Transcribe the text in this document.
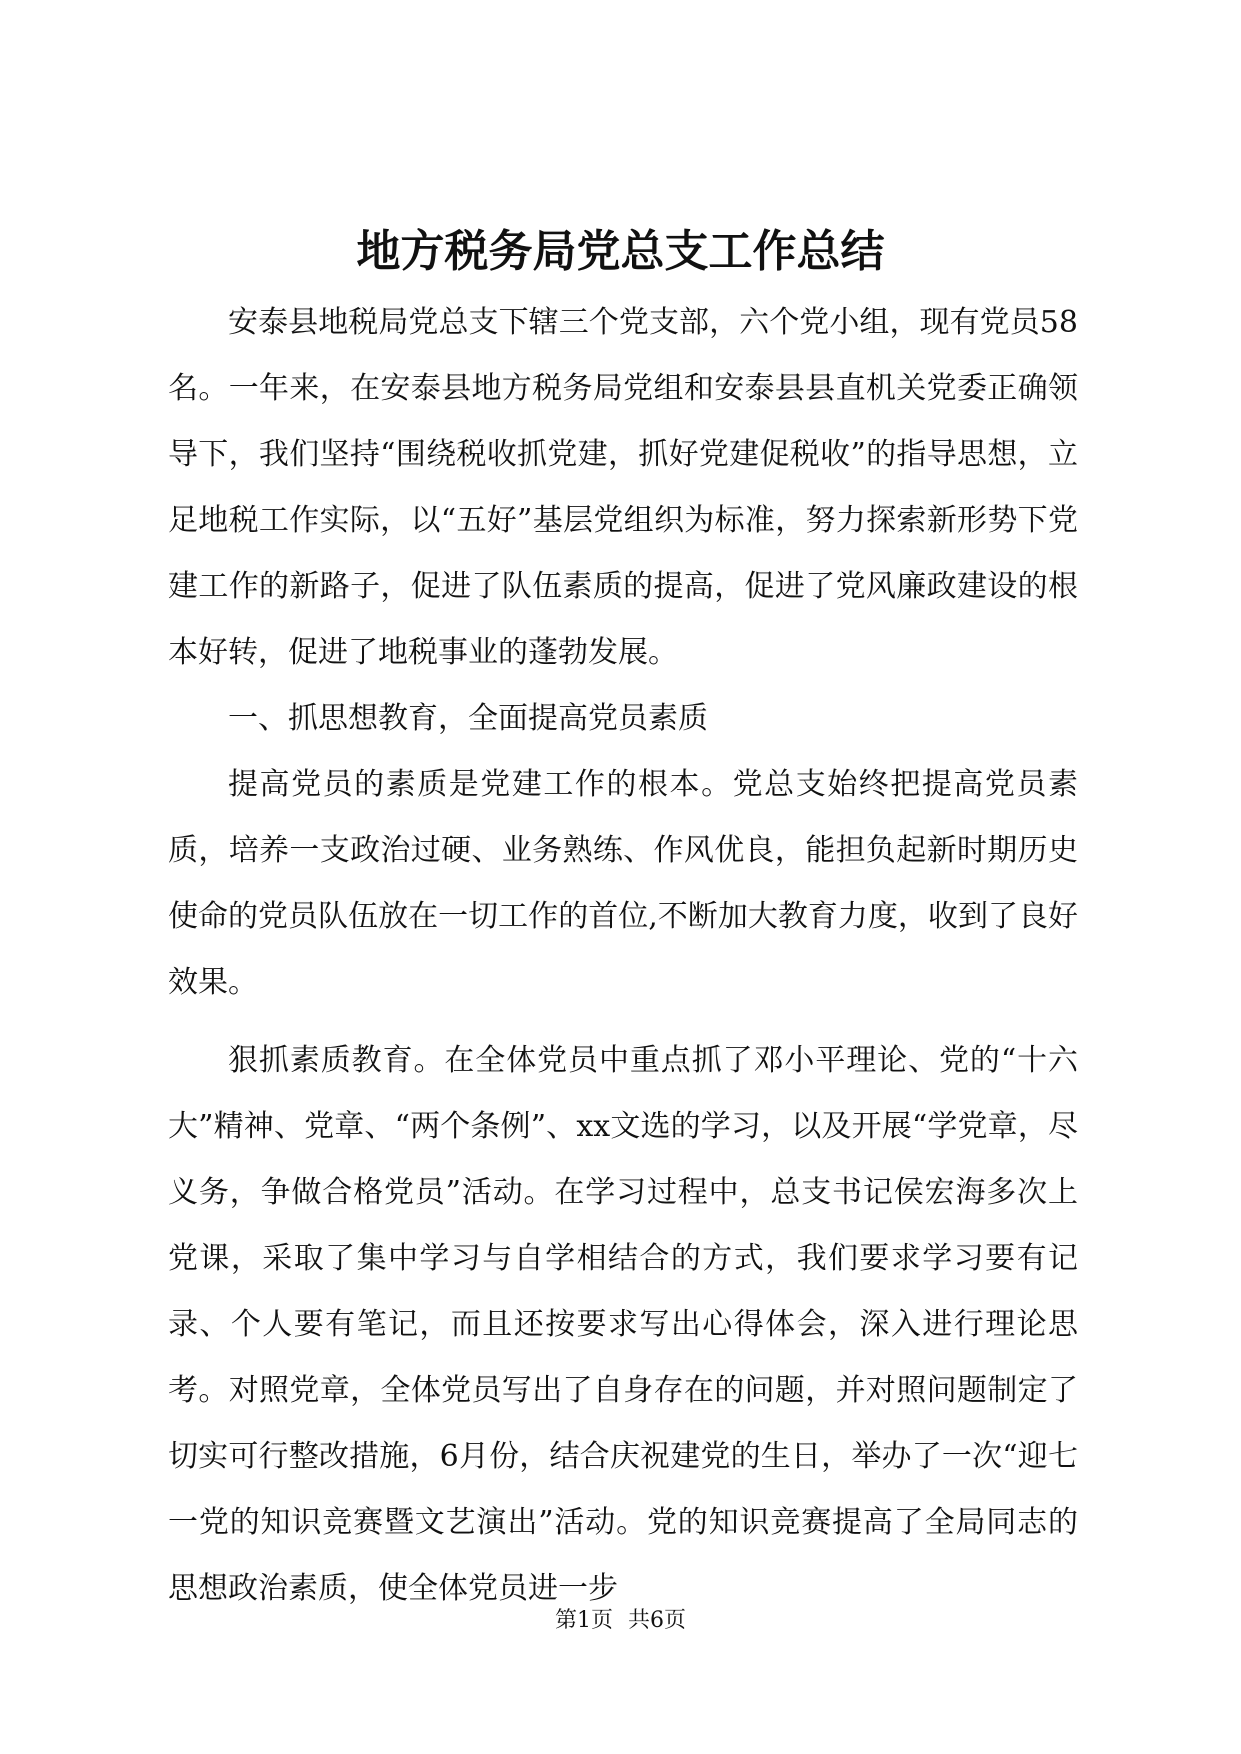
地方税务局党总支工作总结

安泰县地税局党总支下辖三个党支部，六个党小组，现有党员58名。一年来，在安泰县地方税务局党组和安泰县县直机关党委正确领导下，我们坚持“围绕税收抓党建，抓好党建促税收”的指导思想，立足地税工作实际，以“五好”基层党组织为标准，努力探索新形势下党建工作的新路子，促进了队伍素质的提高，促进了党风廉政建设的根本好转，促进了地税事业的蓬勃发展。

一、抓思想教育，全面提高党员素质

提高党员的素质是党建工作的根本。党总支始终把提高党员素质，培养一支政治过硬、业务熟练、作风优良，能担负起新时期历史使命的党员队伍放在一切工作的首位,不断加大教育力度，收到了良好效果。

狠抓素质教育。在全体党员中重点抓了邓小平理论、党的“十六大”精神、党章、“两个条例”、xx文选的学习，以及开展“学党章，尽义务，争做合格党员”活动。在学习过程中，总支书记侯宏海多次上党课，采取了集中学习与自学相结合的方式，我们要求学习要有记录、个人要有笔记，而且还按要求写出心得体会，深入进行理论思考。对照党章，全体党员写出了自身存在的问题，并对照问题制定了切实可行整改措施，6月份，结合庆祝建党的生日，举办了一次“迎七一党的知识竞赛暨文艺演出”活动。党的知识竞赛提高了全局同志的思想政治素质，使全体党员进一步

第1页 共6页
